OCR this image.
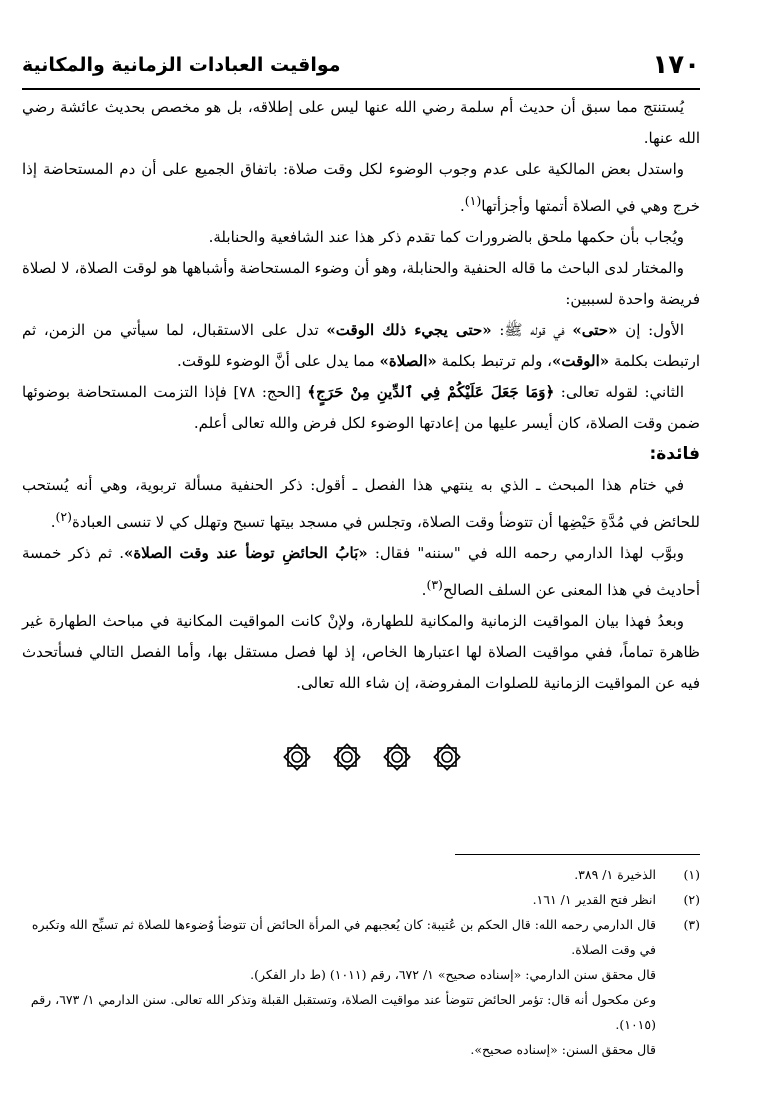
١٧٠
مواقيت العبادات الزمانية والمكانية

يُستنتج مما سبق أن حديث أم سلمة رضي الله عنها ليس على إطلاقه، بل هو مخصص بحديث عائشة رضي الله عنها.

واستدل بعض المالكية على عدم وجوب الوضوء لكل وقت صلاة: باتفاق الجميع على أن دم المستحاضة إذا خرج وهي في الصلاة أتمتها وأجزأتها$^{(١)}$.

ويُجاب بأن حكمها ملحق بالضرورات كما تقدم ذكر هذا عند الشافعية والحنابلة.

والمختار لدى الباحث ما قاله الحنفية والحنابلة، وهو أن وضوء المستحاضة وأشباهها هو لوقت الصلاة، لا لصلاة فريضة واحدة لسببين:

الأول: إن «حتى» في قوله ﷺ: «حتى يجيء ذلك الوقت» تدل على الاستقبال، لما سيأتي من الزمن، ثم ارتبطت بكلمة «الوقت»، ولم ترتبط بكلمة «الصلاة» مما يدل على أنَّ الوضوء للوقت.

الثاني: لقوله تعالى: ﴿وَمَا جَعَلَ عَلَيْكُمْ فِي ٱلدِّينِ مِنْ حَرَجٍ﴾ [الحج: ٧٨] فإذا التزمت المستحاضة بوضوئها ضمن وقت الصلاة، كان أيسر عليها من إعادتها الوضوء لكل فرض والله تعالى أعلم.

فائدة:

في ختام هذا المبحث ـ الذي به ينتهي هذا الفصل ـ أقول: ذكر الحنفية مسألة تربوية، وهي أنه يُستحب للحائض في مُدَّةِ حَيْضِها أن تتوضأ وقت الصلاة، وتجلس في مسجد بيتها تسبح وتهلل كي لا تنسى العبادة$^{(٢)}$.

وبوَّب لهذا الدارمي رحمه الله في "سننه" فقال: «بَابُ الحائضِ توضأ عند وقت الصلاة». ثم ذكر خمسة أحاديث في هذا المعنى عن السلف الصالح$^{(٣)}$.

وبعدُ فهذا بيان المواقيت الزمانية والمكانية للطهارة، ولإنْ كانت المواقيت المكانية في مباحث الطهارة غير ظاهرة تماماً، ففي مواقيت الصلاة لها اعتبارها الخاص، إذ لها فصل مستقل بها، وأما الفصل التالي فسأتحدث فيه عن المواقيت الزمانية للصلوات المفروضة، إن شاء الله تعالى.

(١)
الذخيرة ١/ ٣٨٩.
(٢)
انظر فتح القدير ١/ ١٦١.
(٣)
قال الدارمي رحمه الله: قال الحكم بن عُتيبة: كان يُعجبهم في المرأة الحائض أن تتوضأ وُضوءها للصلاة ثم تسبِّح الله وتكبره في وقت الصلاة.
قال محقق سنن الدارمي: «إسناده صحيح» ١/ ٦٧٢، رقم (١٠١١) (ط دار الفكر).
وعن مكحول أنه قال: تؤمر الحائض تتوضأ عند مواقيت الصلاة، وتستقبل القبلة وتذكر الله تعالى. سنن الدارمي ١/ ٦٧٣، رقم (١٠١٥).
قال محقق السنن: «إسناده صحيح».
